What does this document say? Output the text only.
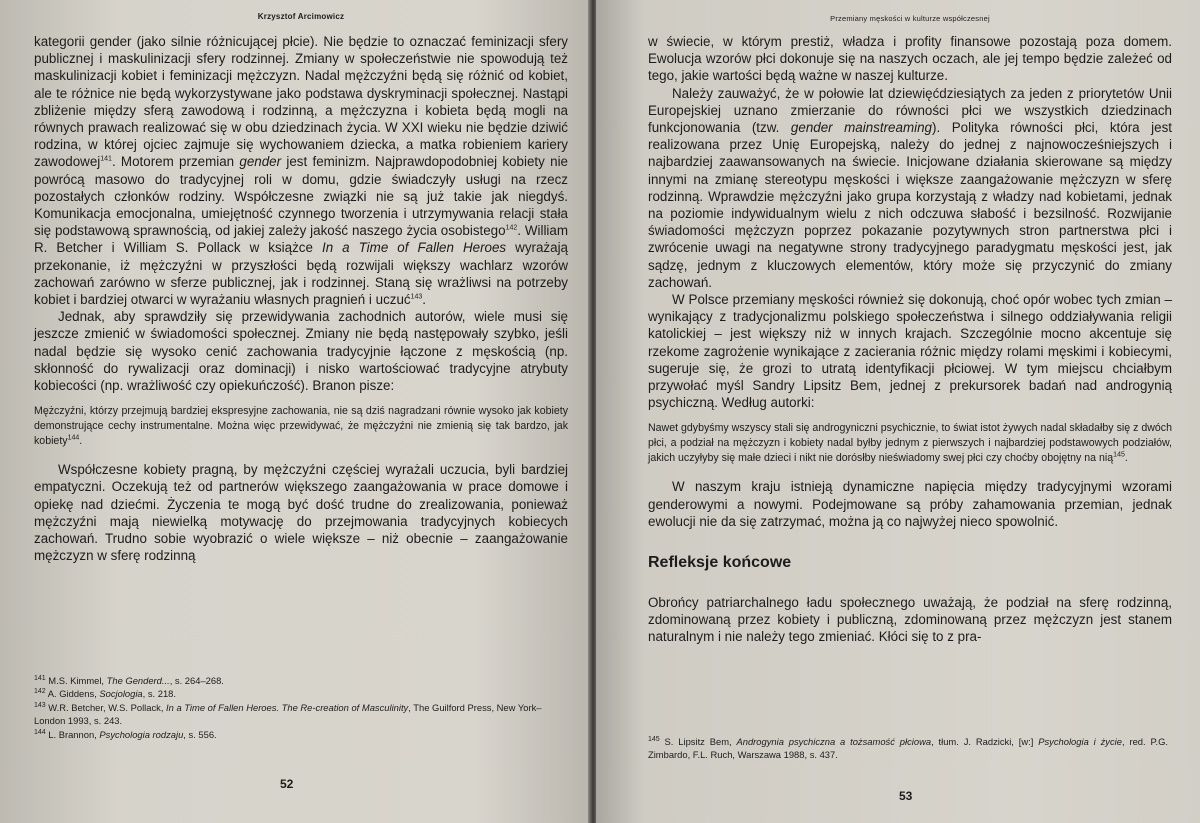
Krzysztof Arcimowicz

kategorii gender (jako silnie różnicującej płcie). Nie będzie to oznaczać feminizacji sfery publicznej i maskulinizacji sfery rodzinnej. Zmiany w społeczeństwie nie spowodują też maskulinizacji kobiet i feminizacji mężczyzn. Nadal mężczyźni będą się różnić od kobiet, ale te różnice nie będą wykorzystywane jako podstawa dyskryminacji społecznej. Nastąpi zbliżenie między sferą zawodową i rodzinną, a mężczyzna i kobieta będą mogli na równych prawach realizować się w obu dziedzinach życia. W XXI wieku nie będzie dziwić rodzina, w której ojciec zajmuje się wychowaniem dziecka, a matka robieniem kariery zawodowej$^{141}$. Motorem przemian gender jest feminizm. Najprawdopodobniej kobiety nie powrócą masowo do tradycyjnej roli w domu, gdzie świadczyły usługi na rzecz pozostałych członków rodziny. Współczesne związki nie są już takie jak niegdyś. Komunikacja emocjonalna, umiejętność czynnego tworzenia i utrzymywania relacji stała się podstawową sprawnością, od jakiej zależy jakość naszego życia osobistego$^{142}$. William R. Betcher i William S. Pollack w książce In a Time of Fallen Heroes wyrażają przekonanie, iż mężczyźni w przyszłości będą rozwijali większy wachlarz wzorów zachowań zarówno w sferze publicznej, jak i rodzinnej. Staną się wrażliwsi na potrzeby kobiet i bardziej otwarci w wyrażaniu własnych pragnień i uczuć$^{143}$.

Jednak, aby sprawdziły się przewidywania zachodnich autorów, wiele musi się jeszcze zmienić w świadomości społecznej. Zmiany nie będą następowały szybko, jeśli nadal będzie się wysoko cenić zachowania tradycyjnie łączone z męskością (np. skłonność do rywalizacji oraz dominacji) i nisko wartościować tradycyjne atrybuty kobiecości (np. wrażliwość czy opiekuńczość). Branon pisze:

Mężczyźni, którzy przejmują bardziej ekspresyjne zachowania, nie są dziś nagradzani równie wysoko jak kobiety demonstrujące cechy instrumentalne. Można więc przewidywać, że mężczyźni nie zmienią się tak bardzo, jak kobiety$^{144}$.

Współczesne kobiety pragną, by mężczyźni częściej wyrażali uczucia, byli bardziej empatyczni. Oczekują też od partnerów większego zaangażowania w prace domowe i opiekę nad dziećmi. Życzenia te mogą być dość trudne do zrealizowania, ponieważ mężczyźni mają niewielką motywację do przejmowania tradycyjnych kobiecych zachowań. Trudno sobie wyobrazić o wiele większe – niż obecnie – zaangażowanie mężczyzn w sferę rodzinną

$^{141}$ M.S. Kimmel, The Genderd..., s. 264–268.

$^{142}$ A. Giddens, Socjologia, s. 218.

$^{143}$ W.R. Betcher, W.S. Pollack, In a Time of Fallen Heroes. The Re-creation of Masculinity, The Guilford Press, New York–London 1993, s. 243.

$^{144}$ L. Brannon, Psychologia rodzaju, s. 556.

52
Przemiany męskości w kulturze współczesnej

w świecie, w którym prestiż, władza i profity finansowe pozostają poza domem. Ewolucja wzorów płci dokonuje się na naszych oczach, ale jej tempo będzie zależeć od tego, jakie wartości będą ważne w naszej kulturze.

Należy zauważyć, że w połowie lat dziewięćdziesiątych za jeden z priorytetów Unii Europejskiej uznano zmierzanie do równości płci we wszystkich dziedzinach funkcjonowania (tzw. gender mainstreaming). Polityka równości płci, która jest realizowana przez Unię Europejską, należy do jednej z najnowocześniejszych i najbardziej zaawansowanych na świecie. Inicjowane działania skierowane są między innymi na zmianę stereotypu męskości i większe zaangażowanie mężczyzn w sferę rodzinną. Wprawdzie mężczyźni jako grupa korzystają z władzy nad kobietami, jednak na poziomie indywidualnym wielu z nich odczuwa słabość i bezsilność. Rozwijanie świadomości mężczyzn poprzez pokazanie pozytywnych stron partnerstwa płci i zwrócenie uwagi na negatywne strony tradycyjnego paradygmatu męskości jest, jak sądzę, jednym z kluczowych elementów, który może się przyczynić do zmiany zachowań.

W Polsce przemiany męskości również się dokonują, choć opór wobec tych zmian – wynikający z tradycjonalizmu polskiego społeczeństwa i silnego oddziaływania religii katolickiej – jest większy niż w innych krajach. Szczególnie mocno akcentuje się rzekome zagrożenie wynikające z zacierania różnic między rolami męskimi i kobiecymi, sugeruje się, że grozi to utratą identyfikacji płciowej. W tym miejscu chciałbym przywołać myśl Sandry Lipsitz Bem, jednej z prekursorek badań nad androgynią psychiczną. Według autorki:

Nawet gdybyśmy wszyscy stali się androgyniczni psychicznie, to świat istot żywych nadal składałby się z dwóch płci, a podział na mężczyzn i kobiety nadal byłby jednym z pierwszych i najbardziej podstawowych podziałów, jakich uczyłyby się małe dzieci i nikt nie dorósłby nieświadomy swej płci czy choćby obojętny na nią$^{145}$.

W naszym kraju istnieją dynamiczne napięcia między tradycyjnymi wzorami genderowymi a nowymi. Podejmowane są próby zahamowania przemian, jednak ewolucji nie da się zatrzymać, można ją co najwyżej nieco spowolnić.

Refleksje końcowe

Obrońcy patriarchalnego ładu społecznego uważają, że podział na sferę rodzinną, zdominowaną przez kobiety i publiczną, zdominowaną przez mężczyzn jest stanem naturalnym i nie należy tego zmieniać. Kłóci się to z pra-

$^{145}$ S. Lipsitz Bem, Androgynia psychiczna a tożsamość płciowa, tłum. J. Radzicki, [w:] Psychologia i życie, red. P.G. Zimbardo, F.L. Ruch, Warszawa 1988, s. 437.

53
